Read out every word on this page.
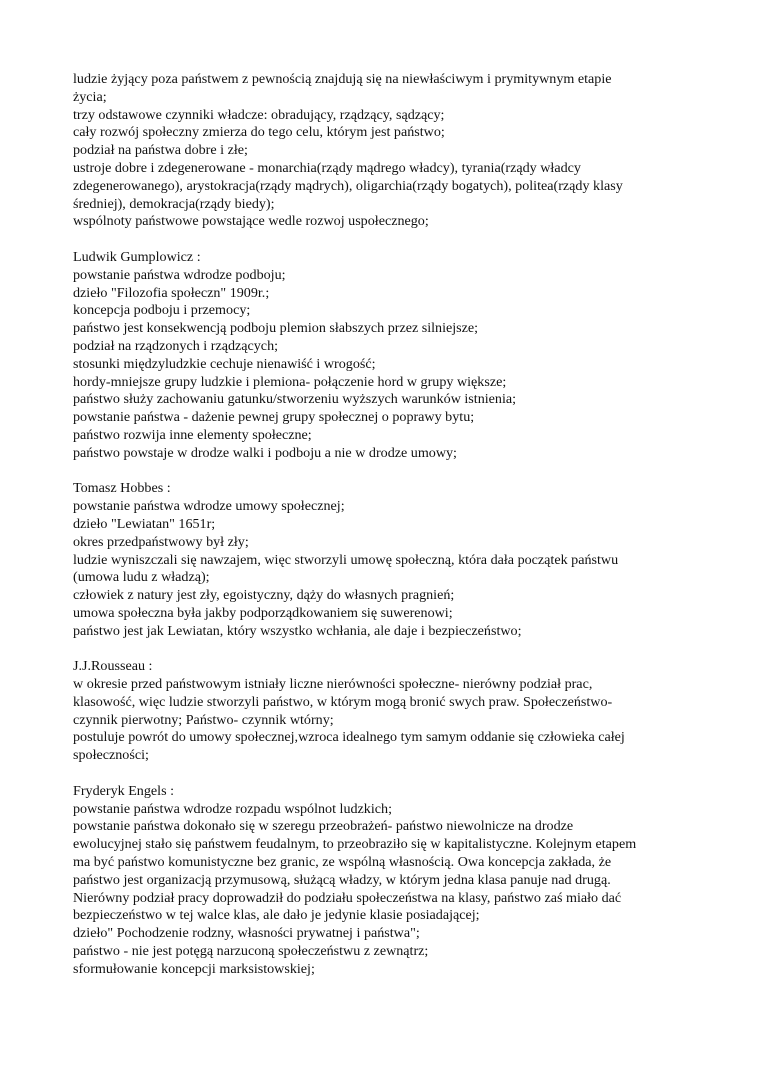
ludzie żyjący poza państwem z pewnością znajdują się na niewłaściwym i prymitywnym etapie
życia;
trzy odstawowe czynniki władcze: obradujący, rządzący, sądzący;
cały rozwój społeczny zmierza do tego celu, którym jest państwo;
podział na państwa dobre i złe;
ustroje dobre i zdegenerowane - monarchia(rządy mądrego władcy), tyrania(rządy władcy
zdegenerowanego), arystokracja(rządy mądrych), oligarchia(rządy bogatych), politea(rządy klasy
średniej), demokracja(rządy biedy);
wspólnoty państwowe powstające wedle rozwoj uspołecznego;
Ludwik Gumplowicz :
powstanie państwa wdrodze podboju;
dzieło "Filozofia społeczn" 1909r.;
koncepcja podboju i przemocy;
państwo jest konsekwencją podboju plemion słabszych przez silniejsze;
podział na rządzonych i rządzących;
stosunki międzyludzkie cechuje nienawiść i wrogość;
hordy-mniejsze grupy ludzkie i plemiona- połączenie hord w grupy większe;
państwo służy zachowaniu gatunku/stworzeniu wyższych warunków istnienia;
powstanie państwa - dażenie pewnej grupy społecznej o poprawy bytu;
państwo rozwija inne elementy społeczne;
państwo powstaje w drodze walki i podboju a nie w drodze umowy;
Tomasz Hobbes :
powstanie państwa wdrodze umowy społecznej;
dzieło "Lewiatan" 1651r;
okres przedpaństwowy był zły;
ludzie wyniszczali się nawzajem, więc stworzyli umowę społeczną, która dała początek państwu
(umowa ludu z władzą);
człowiek z natury jest zły, egoistyczny, dąży do własnych pragnień;
umowa społeczna była jakby podporządkowaniem się suwerenowi;
państwo jest jak Lewiatan, który wszystko wchłania, ale daje i bezpieczeństwo;
J.J.Rousseau :
w okresie przed państwowym istniały liczne nierówności społeczne- nierówny podział prac,
klasowość, więc ludzie stworzyli państwo, w którym mogą bronić swych praw. Społeczeństwo-
czynnik pierwotny; Państwo- czynnik wtórny;
postuluje powrót do umowy społecznej,wzroca idealnego tym samym oddanie się człowieka całej
społeczności;
Fryderyk Engels :
powstanie państwa wdrodze rozpadu wspólnot ludzkich;
powstanie państwa dokonało się w szeregu przeobrażeń- państwo niewolnicze na drodze
ewolucyjnej stało się państwem feudalnym, to przeobraziło się w kapitalistyczne. Kolejnym etapem
ma być państwo komunistyczne bez granic, ze wspólną własnością. Owa koncepcja zakłada, że
państwo jest organizacją przymusową, służącą władzy, w którym jedna klasa panuje nad drugą.
Nierówny podział pracy doprowadził do podziału społeczeństwa na klasy, państwo zaś miało dać
bezpieczeństwo w tej walce klas, ale dało je jedynie klasie posiadającej;
dzieło" Pochodzenie rodzny, własności prywatnej i państwa";
państwo - nie jest potęgą narzuconą społeczeństwu z zewnątrz;
sformułowanie koncepcji marksistowskiej;
